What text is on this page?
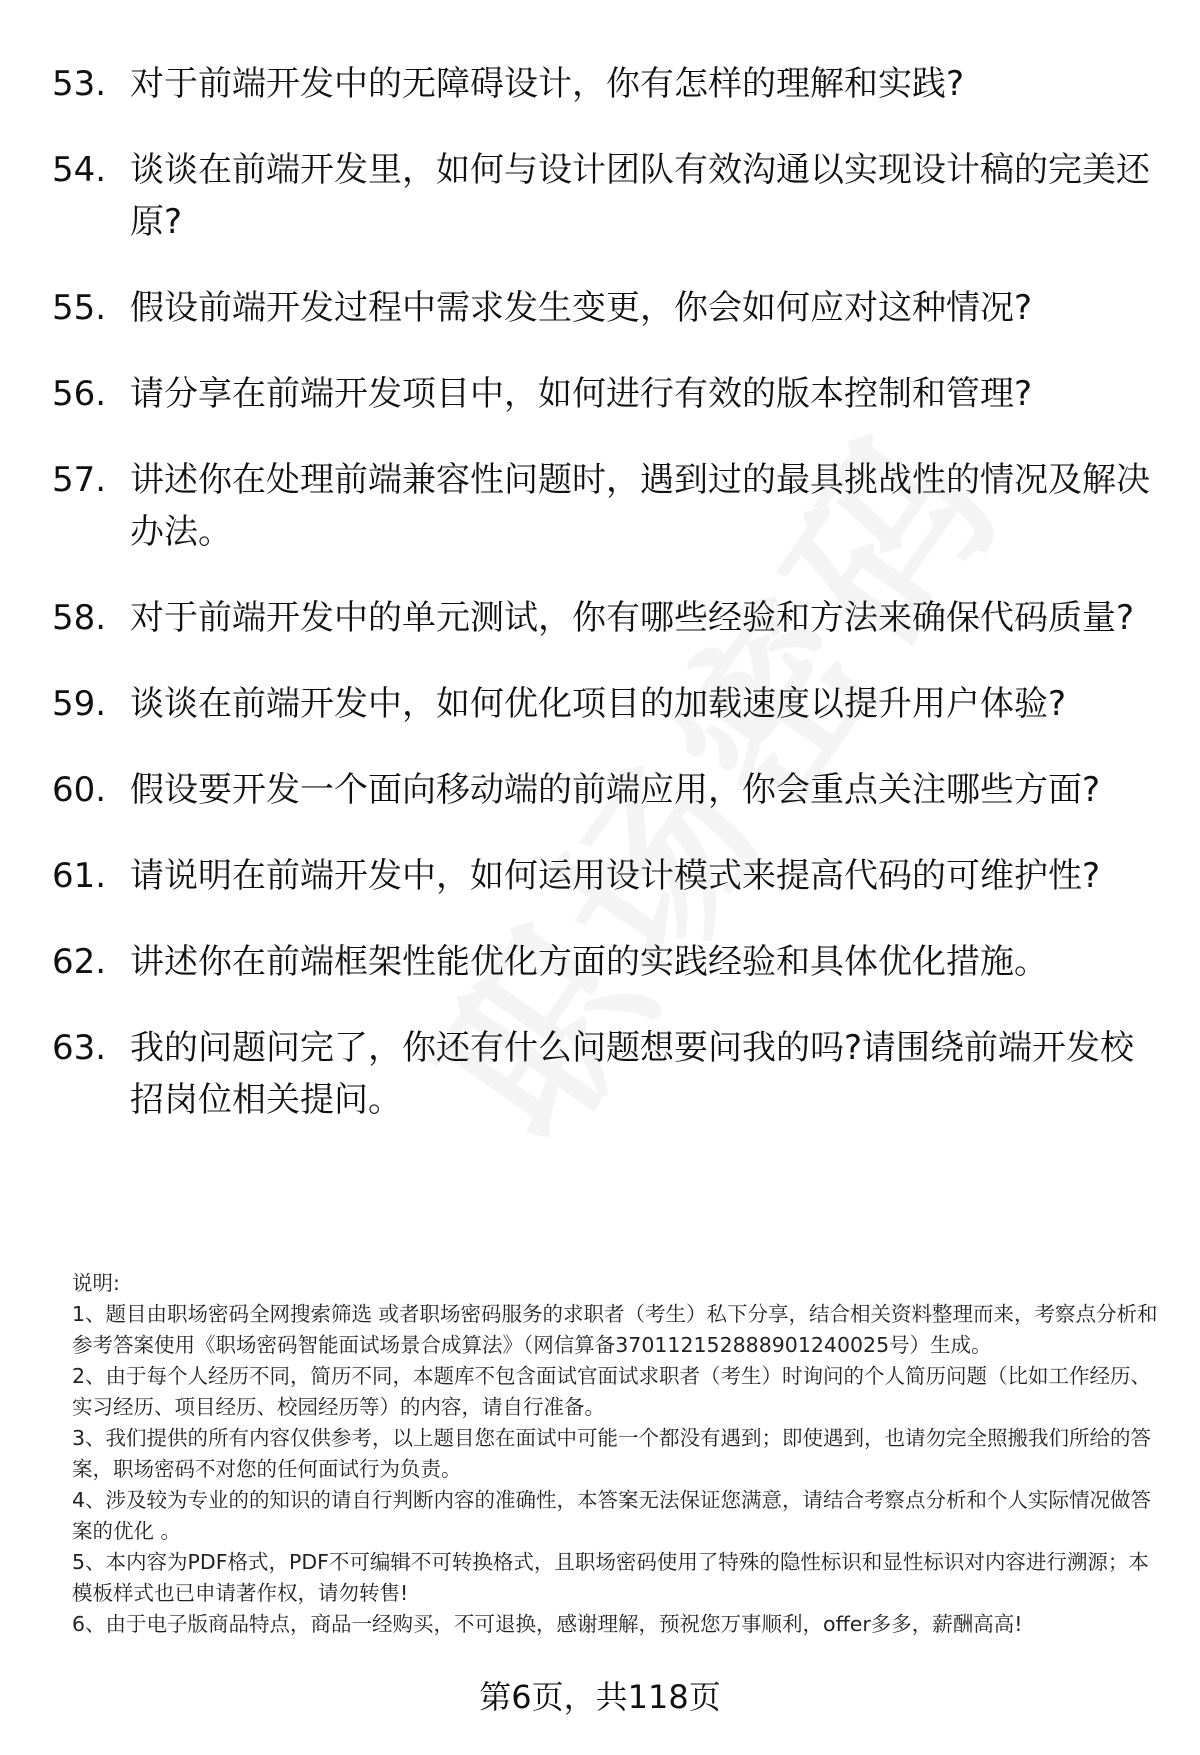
53. 对于前端开发中的无障碍设计，你有怎样的理解和实践?
54. 谈谈在前端开发里，如何与设计团队有效沟通以实现设计稿的完美还原?
55. 假设前端开发过程中需求发生变更，你会如何应对这种情况?
56. 请分享在前端开发项目中，如何进行有效的版本控制和管理?
57. 讲述你在处理前端兼容性问题时，遇到过的最具挑战性的情况及解决办法。
58. 对于前端开发中的单元测试，你有哪些经验和方法来确保代码质量?
59. 谈谈在前端开发中，如何优化项目的加载速度以提升用户体验?
60. 假设要开发一个面向移动端的前端应用，你会重点关注哪些方面?
61. 请说明在前端开发中，如何运用设计模式来提高代码的可维护性?
62. 讲述你在前端框架性能优化方面的实践经验和具体优化措施。
63. 我的问题问完了，你还有什么问题想要问我的吗?请围绕前端开发校招岗位相关提问。

说明:

1、题目由职场密码全网搜索筛选 或者职场密码服务的求职者（考生）私下分享，结合相关资料整理而来，考察点分析和参考答案使用《职场密码智能面试场景合成算法》（网信算备370112152888901240025号）生成。

2、由于每个人经历不同，简历不同，本题库不包含面试官面试求职者（考生）时询问的个人简历问题（比如工作经历、实习经历、项目经历、校园经历等）的内容，请自行准备。

3、我们提供的所有内容仅供参考，以上题目您在面试中可能一个都没有遇到；即使遇到，也请勿完全照搬我们所给的答案，职场密码不对您的任何面试行为负责。

4、涉及较为专业的的知识的请自行判断内容的准确性，本答案无法保证您满意，请结合考察点分析和个人实际情况做答案的优化 。

5、本内容为PDF格式，PDF不可编辑不可转换格式，且职场密码使用了特殊的隐性标识和显性标识对内容进行溯源；本模板样式也已申请著作权，请勿转售!

6、由于电子版商品特点，商品一经购买，不可退换，感谢理解，预祝您万事顺利，offer多多，薪酬高高!

第6页，共118页
